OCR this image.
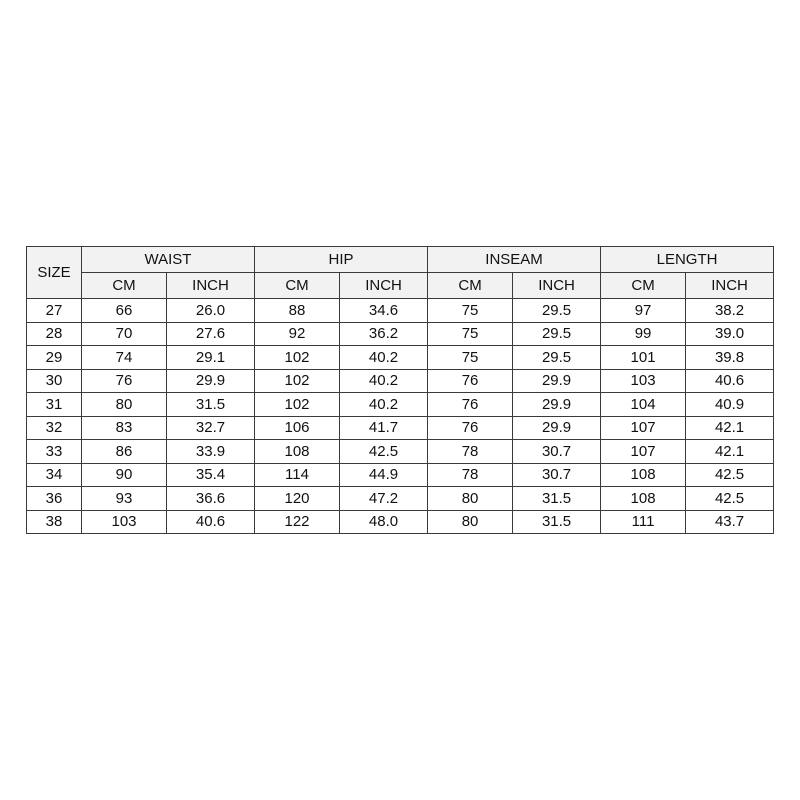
SIZE	WAIST		HIP		INSEAM		LENGTH	
	CM	INCH	CM	INCH	CM	INCH	CM	INCH
27	66	26.0	88	34.6	75	29.5	97	38.2
28	70	27.6	92	36.2	75	29.5	99	39.0
29	74	29.1	102	40.2	75	29.5	101	39.8
30	76	29.9	102	40.2	76	29.9	103	40.6
31	80	31.5	102	40.2	76	29.9	104	40.9
32	83	32.7	106	41.7	76	29.9	107	42.1
33	86	33.9	108	42.5	78	30.7	107	42.1
34	90	35.4	114	44.9	78	30.7	108	42.5
36	93	36.6	120	47.2	80	31.5	108	42.5
38	103	40.6	122	48.0	80	31.5	111	43.7
